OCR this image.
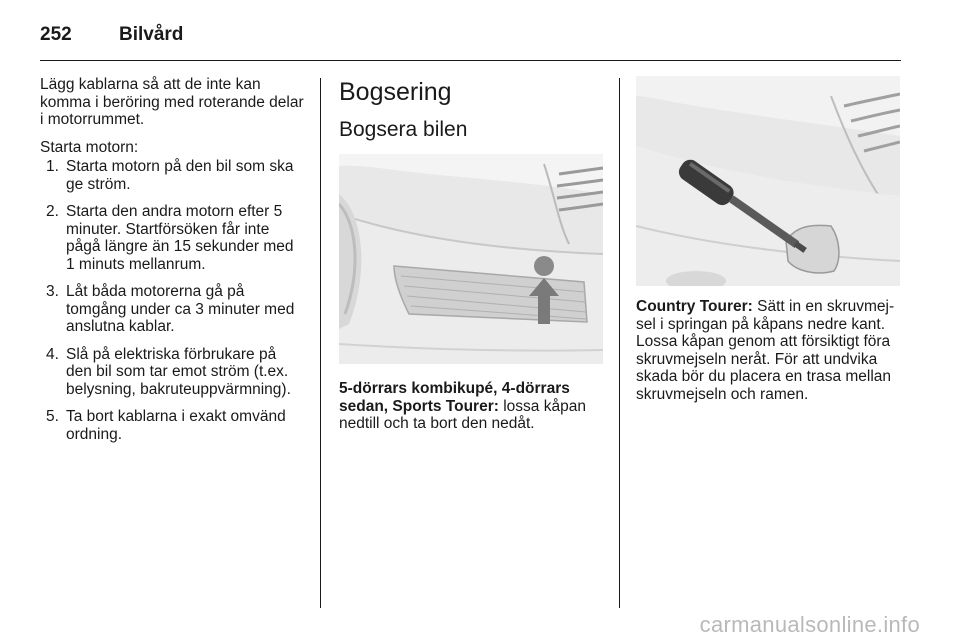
252	Bilvård

Lägg kablarna så att de inte kan komma i beröring med roterande delar i motorrummet.

Starta motorn:

1. Starta motorn på den bil som ska ge ström.
2. Starta den andra motorn efter 5 minuter. Startförsöken får inte pågå längre än 15 sekunder med 1 minuts mellanrum.
3. Låt båda motorerna gå på tomgång under ca 3 minuter med anslutna kablar.
4. Slå på elektriska förbrukare på den bil som tar emot ström (t.ex. belysning, bakruteuppvärmning).
5. Ta bort kablarna i exakt omvänd ordning.
Bogsering
Bogsera bilen

5-dörrars kombikupé, 4-dörrars sedan, Sports Tourer: lossa kåpan nedtill och ta bort den nedåt.

Country Tourer: Sätt in en skruvmejsel i springan på kåpans nedre kant. Lossa kåpan genom att försiktigt föra skruvmejseln neråt. För att undvika skada bör du placera en trasa mellan skruvmejseln och ramen.

carmanualsonline.info
